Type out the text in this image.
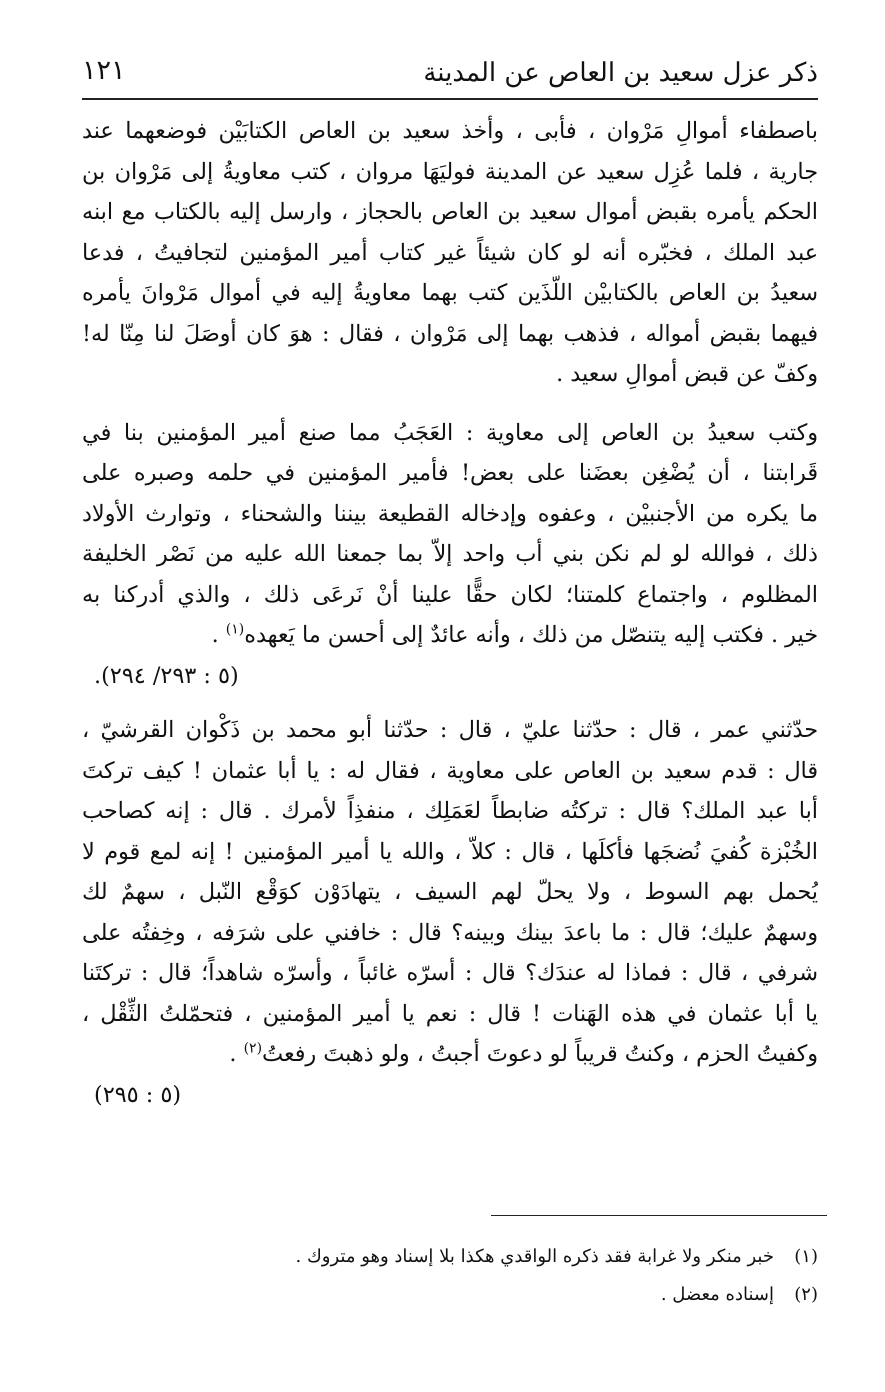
ذكر عزل سعيد بن العاص عن المدينة
١٢١
باصطفاء أموالِ مَرْوان ، فأبى ، وأخذ سعيد بن العاص الكتابَيْن فوضعهما عند
جارية ، فلما عُزِل سعيد عن المدينة فوليَهَا مروان ، كتب معاويةُ إلى مَرْوان بن
الحكم يأمره بقبض أموال سعيد بن العاص بالحجاز ، وارسل إليه بالكتاب مع ابنه
عبد الملك ، فخبّره أنه لو كان شيئاً غير كتاب أمير المؤمنين لتجافيتُ ، فدعا
سعيدُ بن العاص بالكتابيْن اللّذَين كتب بهما معاويةُ إليه في أموال مَرْوانَ يأمره
فيهما بقبض أمواله ، فذهب بهما إلى مَرْوان ، فقال : هوَ كان أوصَلَ لنا مِنّا له!
وكفّ عن قبض أموالِ سعيد .
وكتب سعيدُ بن العاص إلى معاوية : العَجَبُ مما صنع أمير المؤمنين بنا في
قَرابتنا ، أن يُضْغِن بعضَنا على بعض! فأمير المؤمنين في حلمه وصبره على
ما يكره من الأجنبيْن ، وعفوه وإدخاله القطيعة بيننا والشحناء ، وتوارث الأولاد
ذلك ، فوالله لو لم نكن بني أب واحد إلاّ بما جمعنا الله عليه من نَصْر الخليفة
المظلوم ، واجتماع كلمتنا؛ لكان حقًّا علينا أنْ نَرعَى ذلك ، والذي أدركنا به
خير . فكتب إليه يتنصّل من ذلك ، وأنه عائدٌ إلى أحسن ما يَعهده$^{(١)}$ .
(٥ : ٢٩٣/ ٢٩٤).
حدّثني عمر ، قال : حدّثنا عليّ ، قال : حدّثنا أبو محمد بن ذَكْوان القرشيّ ،
قال : قدم سعيد بن العاص على معاوية ، فقال له : يا أبا عثمان ! كيف تركتَ
أبا عبد الملك؟ قال : تركتُه ضابطاً لعَمَلِك ، منفذِاً لأمرك . قال : إنه كصاحب
الخُبْزة كُفيَ نُضجَها فأكلَها ، قال : كلاّ ، والله يا أمير المؤمنين ! إنه لمع قوم لا
يُحمل بهم السوط ، ولا يحلّ لهم السيف ، يتهادَوْن كوَقْع النّبل ، سهمٌ لك
وسهمٌ عليك؛ قال : ما باعدَ بينك وبينه؟ قال : خافني على شرَفه ، وخِفتُه على
شرفي ، قال : فماذا له عندَك؟ قال : أسرّه غائباً ، وأسرّه شاهداً؛ قال : تركتَنا
يا أبا عثمان في هذه الهَنات ! قال : نعم يا أمير المؤمنين ، فتحمّلتُ الثِّقْل ،
وكفيتُ الحزم ، وكنتُ قريباً لو دعوتَ أجبتُ ، ولو ذهبتَ رفعتُ$^{(٢)}$ .
(٥ : ٢٩٥)
(١)
خبر منكر ولا غرابة فقد ذكره الواقدي هكذا بلا إسناد وهو متروك .
(٢)
إسناده معضل .
